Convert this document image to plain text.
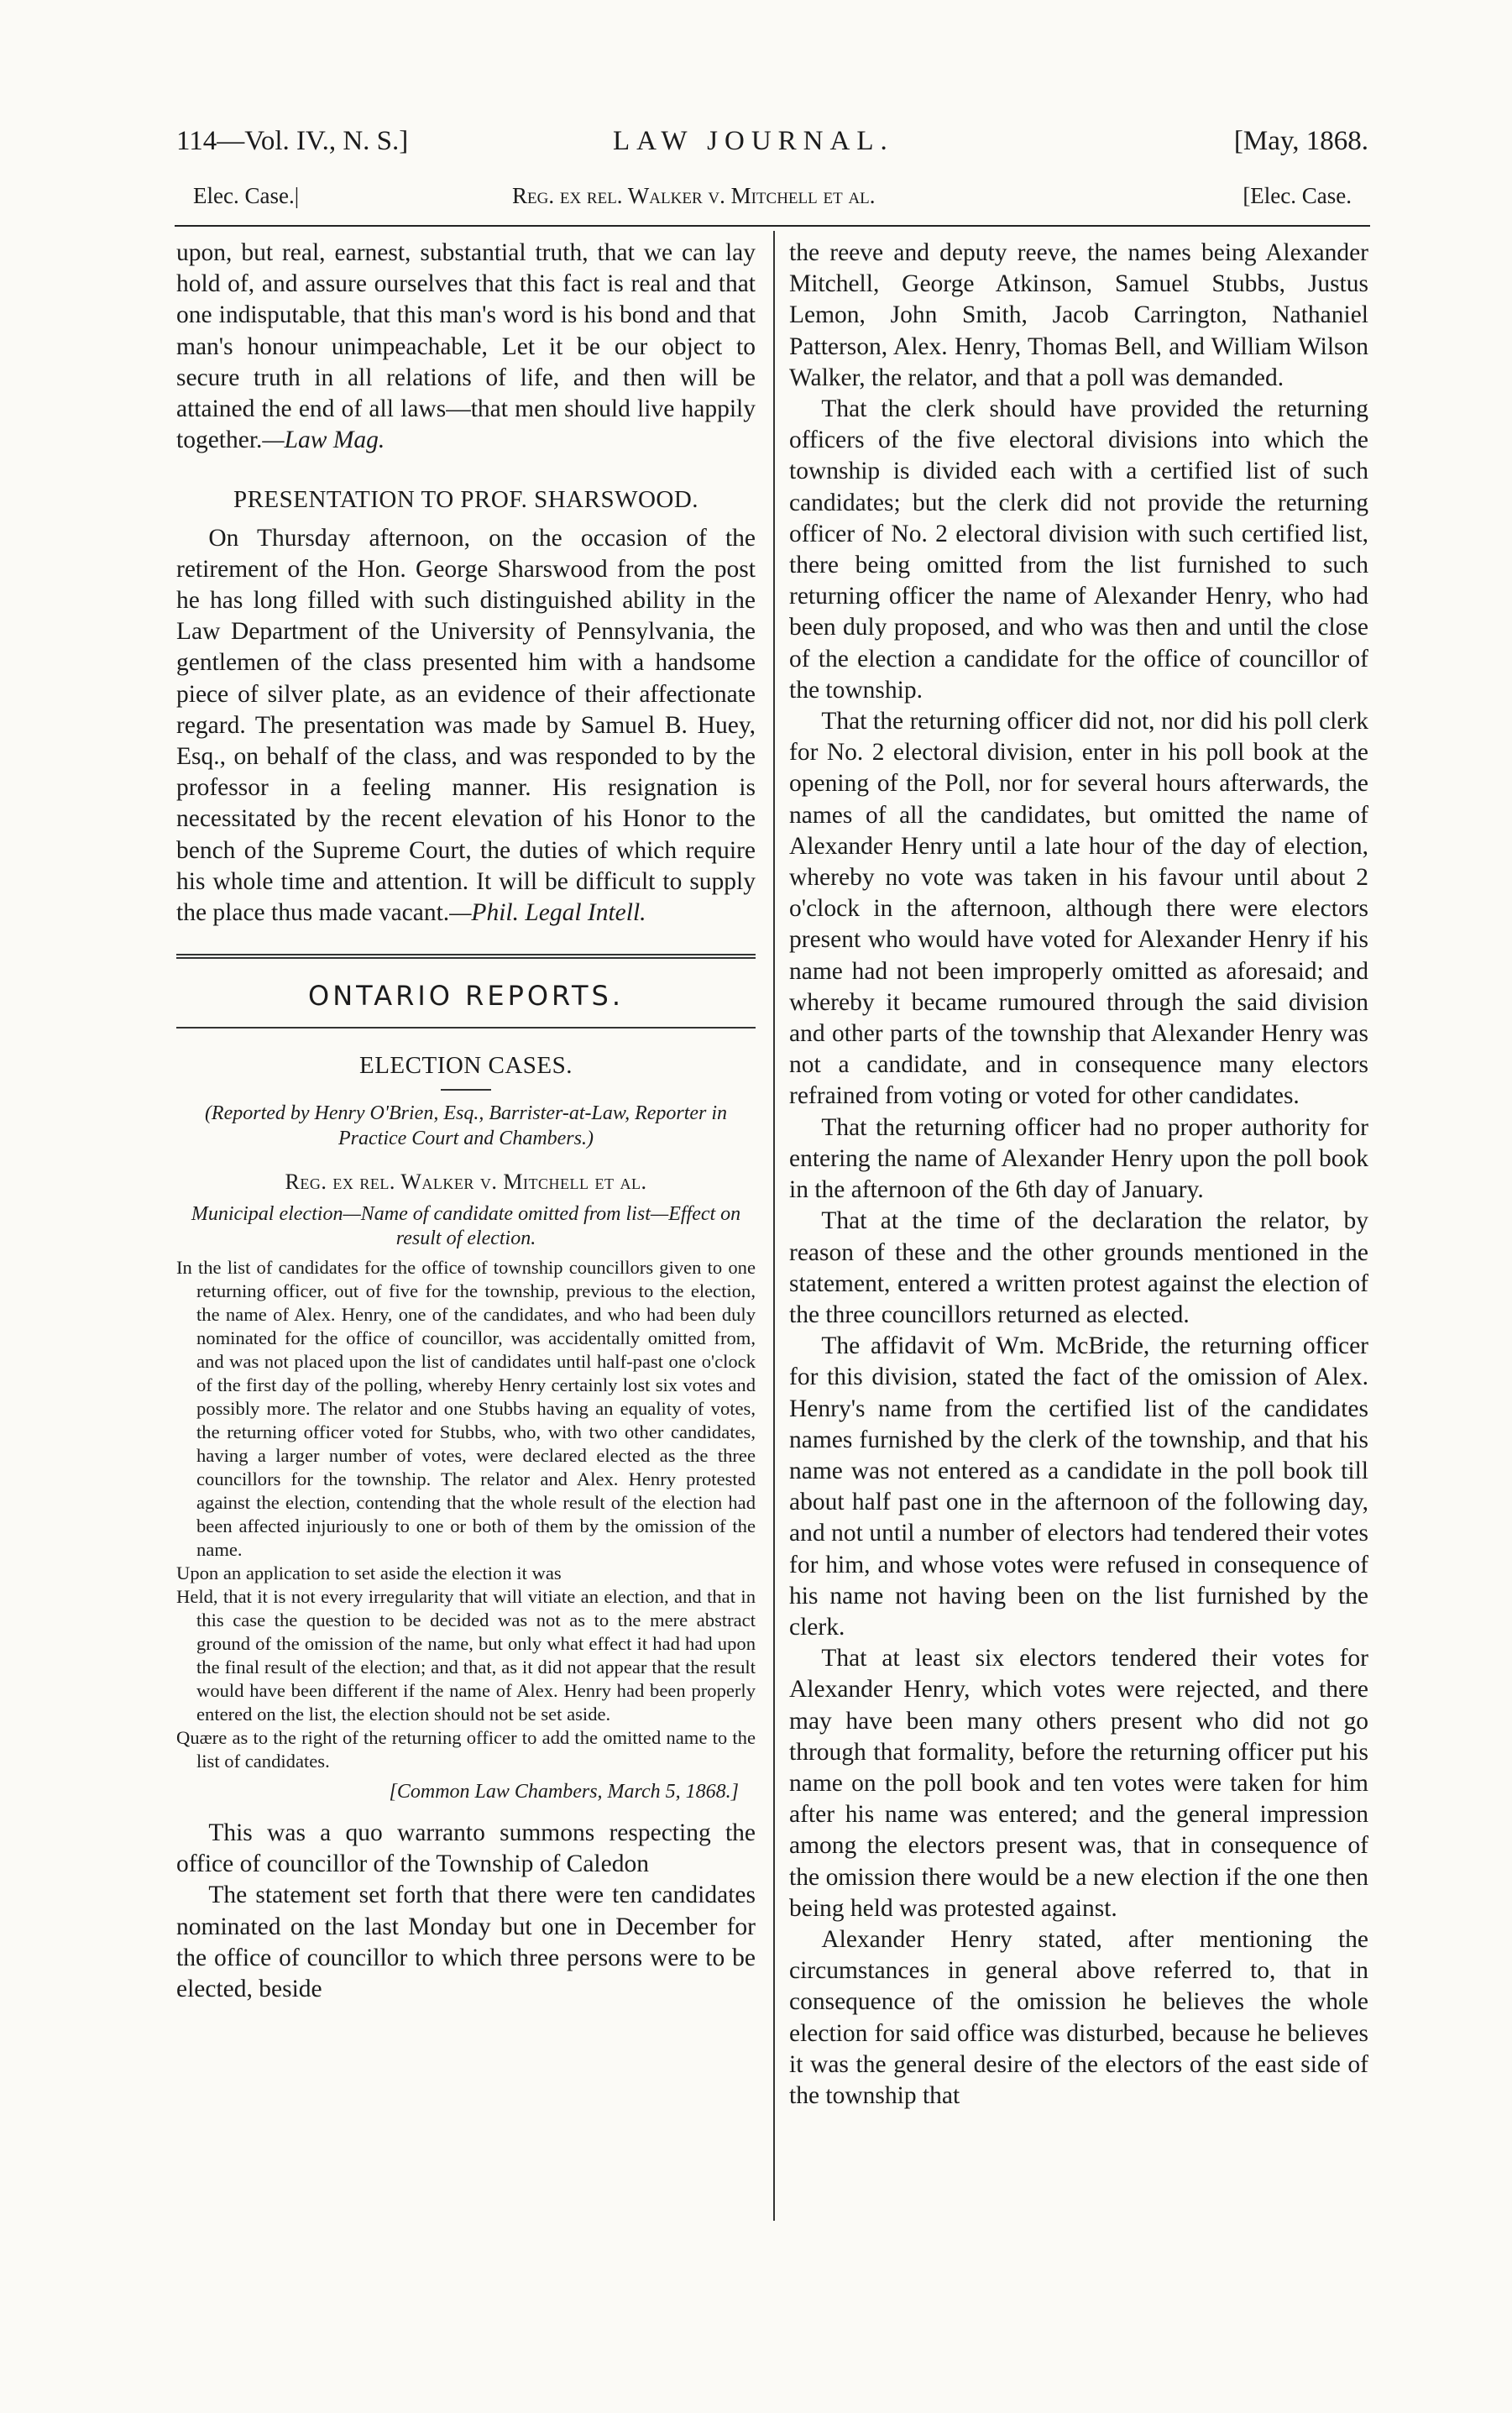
114—Vol. IV., N. S.]	LAW JOURNAL.	[May, 1868.
Elec. Case.|	Reg. ex rel. Walker v. Mitchell et al.	[Elec. Case.

upon, but real, earnest, substantial truth, that we can lay hold of, and assure ourselves that this fact is real and that one indisputable, that this man's word is his bond and that man's honour unimpeachable, Let it be our object to secure truth in all relations of life, and then will be attained the end of all laws—that men should live happily together.—Law Mag.

PRESENTATION TO PROF. SHARSWOOD.

On Thursday afternoon, on the occasion of the retirement of the Hon. George Sharswood from the post he has long filled with such distinguished ability in the Law Department of the University of Pennsylvania, the gentlemen of the class presented him with a handsome piece of silver plate, as an evidence of their affectionate regard. The presentation was made by Samuel B. Huey, Esq., on behalf of the class, and was responded to by the professor in a feeling manner. His resignation is necessitated by the recent elevation of his Honor to the bench of the Supreme Court, the duties of which require his whole time and attention. It will be difficult to supply the place thus made vacant.—Phil. Legal Intell.

ONTARIO REPORTS.
ELECTION CASES.
(Reported by Henry O'Brien, Esq., Barrister-at-Law, Reporter in Practice Court and Chambers.)
Reg. ex rel. Walker v. Mitchell et al.
Municipal election—Name of candidate omitted from list—Effect on result of election.

In the list of candidates for the office of township councillors given to one returning officer, out of five for the township, previous to the election, the name of Alex. Henry, one of the candidates, and who had been duly nominated for the office of councillor, was accidentally omitted from, and was not placed upon the list of candidates until half-past one o'clock of the first day of the polling, whereby Henry certainly lost six votes and possibly more. The relator and one Stubbs having an equality of votes, the returning officer voted for Stubbs, who, with two other candidates, having a larger number of votes, were declared elected as the three councillors for the township. The relator and Alex. Henry protested against the election, contending that the whole result of the election had been affected injuriously to one or both of them by the omission of the name.

Upon an application to set aside the election it was

Held, that it is not every irregularity that will vitiate an election, and that in this case the question to be decided was not as to the mere abstract ground of the omission of the name, but only what effect it had had upon the final result of the election; and that, as it did not appear that the result would have been different if the name of Alex. Henry had been properly entered on the list, the election should not be set aside.

Quære as to the right of the returning officer to add the omitted name to the list of candidates.

[Common Law Chambers, March 5, 1868.]

This was a quo warranto summons respecting the office of councillor of the Township of Caledon

The statement set forth that there were ten candidates nominated on the last Monday but one in December for the office of councillor to which three persons were to be elected, beside

the reeve and deputy reeve, the names being Alexander Mitchell, George Atkinson, Samuel Stubbs, Justus Lemon, John Smith, Jacob Carrington, Nathaniel Patterson, Alex. Henry, Thomas Bell, and William Wilson Walker, the relator, and that a poll was demanded.

That the clerk should have provided the returning officers of the five electoral divisions into which the township is divided each with a certified list of such candidates; but the clerk did not provide the returning officer of No. 2 electoral division with such certified list, there being omitted from the list furnished to such returning officer the name of Alexander Henry, who had been duly proposed, and who was then and until the close of the election a candidate for the office of councillor of the township.

That the returning officer did not, nor did his poll clerk for No. 2 electoral division, enter in his poll book at the opening of the Poll, nor for several hours afterwards, the names of all the candidates, but omitted the name of Alexander Henry until a late hour of the day of election, whereby no vote was taken in his favour until about 2 o'clock in the afternoon, although there were electors present who would have voted for Alexander Henry if his name had not been improperly omitted as aforesaid; and whereby it became rumoured through the said division and other parts of the township that Alexander Henry was not a candidate, and in consequence many electors refrained from voting or voted for other candidates.

That the returning officer had no proper authority for entering the name of Alexander Henry upon the poll book in the afternoon of the 6th day of January.

That at the time of the declaration the relator, by reason of these and the other grounds mentioned in the statement, entered a written protest against the election of the three councillors returned as elected.

The affidavit of Wm. McBride, the returning officer for this division, stated the fact of the omission of Alex. Henry's name from the certified list of the candidates names furnished by the clerk of the township, and that his name was not entered as a candidate in the poll book till about half past one in the afternoon of the following day, and not until a number of electors had tendered their votes for him, and whose votes were refused in consequence of his name not having been on the list furnished by the clerk.

That at least six electors tendered their votes for Alexander Henry, which votes were rejected, and there may have been many others present who did not go through that formality, before the returning officer put his name on the poll book and ten votes were taken for him after his name was entered; and the general impression among the electors present was, that in consequence of the omission there would be a new election if the one then being held was protested against.

Alexander Henry stated, after mentioning the circumstances in general above referred to, that in consequence of the omission he believes the whole election for said office was disturbed, because he believes it was the general desire of the electors of the east side of the township that
